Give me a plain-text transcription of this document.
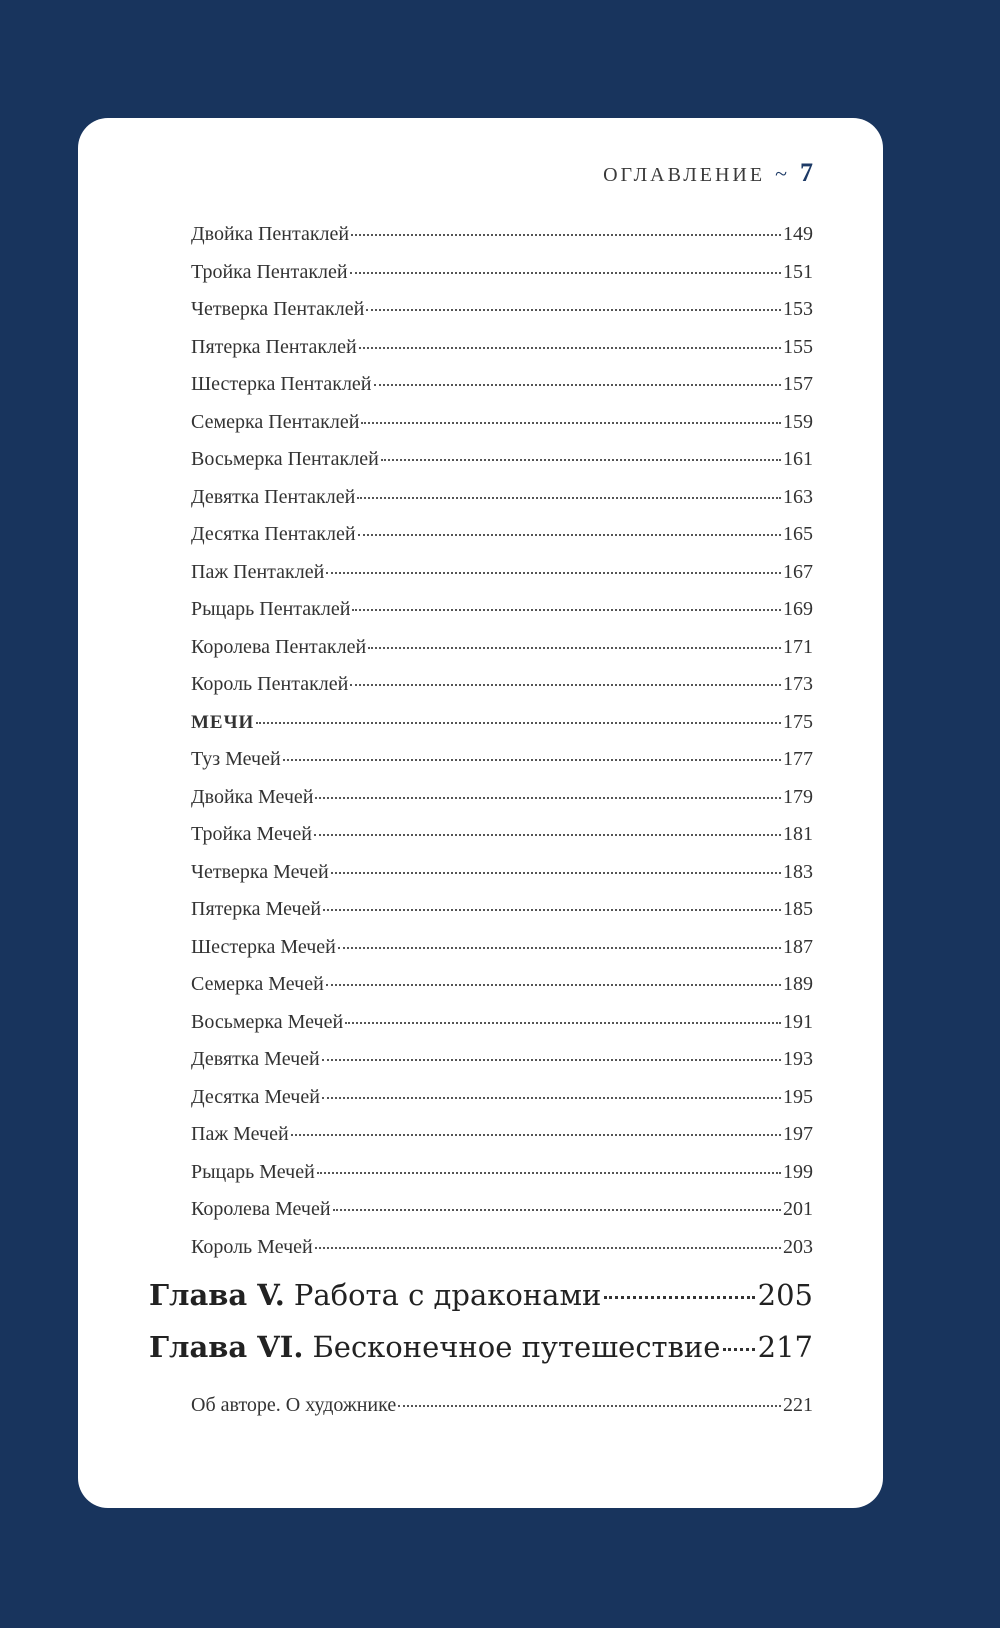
ОГЛАВЛЕНИЕ ~ 7
Двойка Пентаклей	149
Тройка Пентаклей	151
Четверка Пентаклей	153
Пятерка Пентаклей	155
Шестерка Пентаклей	157
Семерка Пентаклей	159
Восьмерка Пентаклей	161
Девятка Пентаклей	163
Десятка Пентаклей	165
Паж Пентаклей	167
Рыцарь Пентаклей	169
Королева Пентаклей	171
Король Пентаклей	173
МЕЧИ	175
Туз Мечей	177
Двойка Мечей	179
Тройка Мечей	181
Четверка Мечей	183
Пятерка Мечей	185
Шестерка Мечей	187
Семерка Мечей	189
Восьмерка Мечей	191
Девятка Мечей	193
Десятка Мечей	195
Паж Мечей	197
Рыцарь Мечей	199
Королева Мечей	201
Король Мечей	203
Глава V. Работа с драконами	205
Глава VI. Бесконечное путешествие 217
Об авторе. О художнике	221
